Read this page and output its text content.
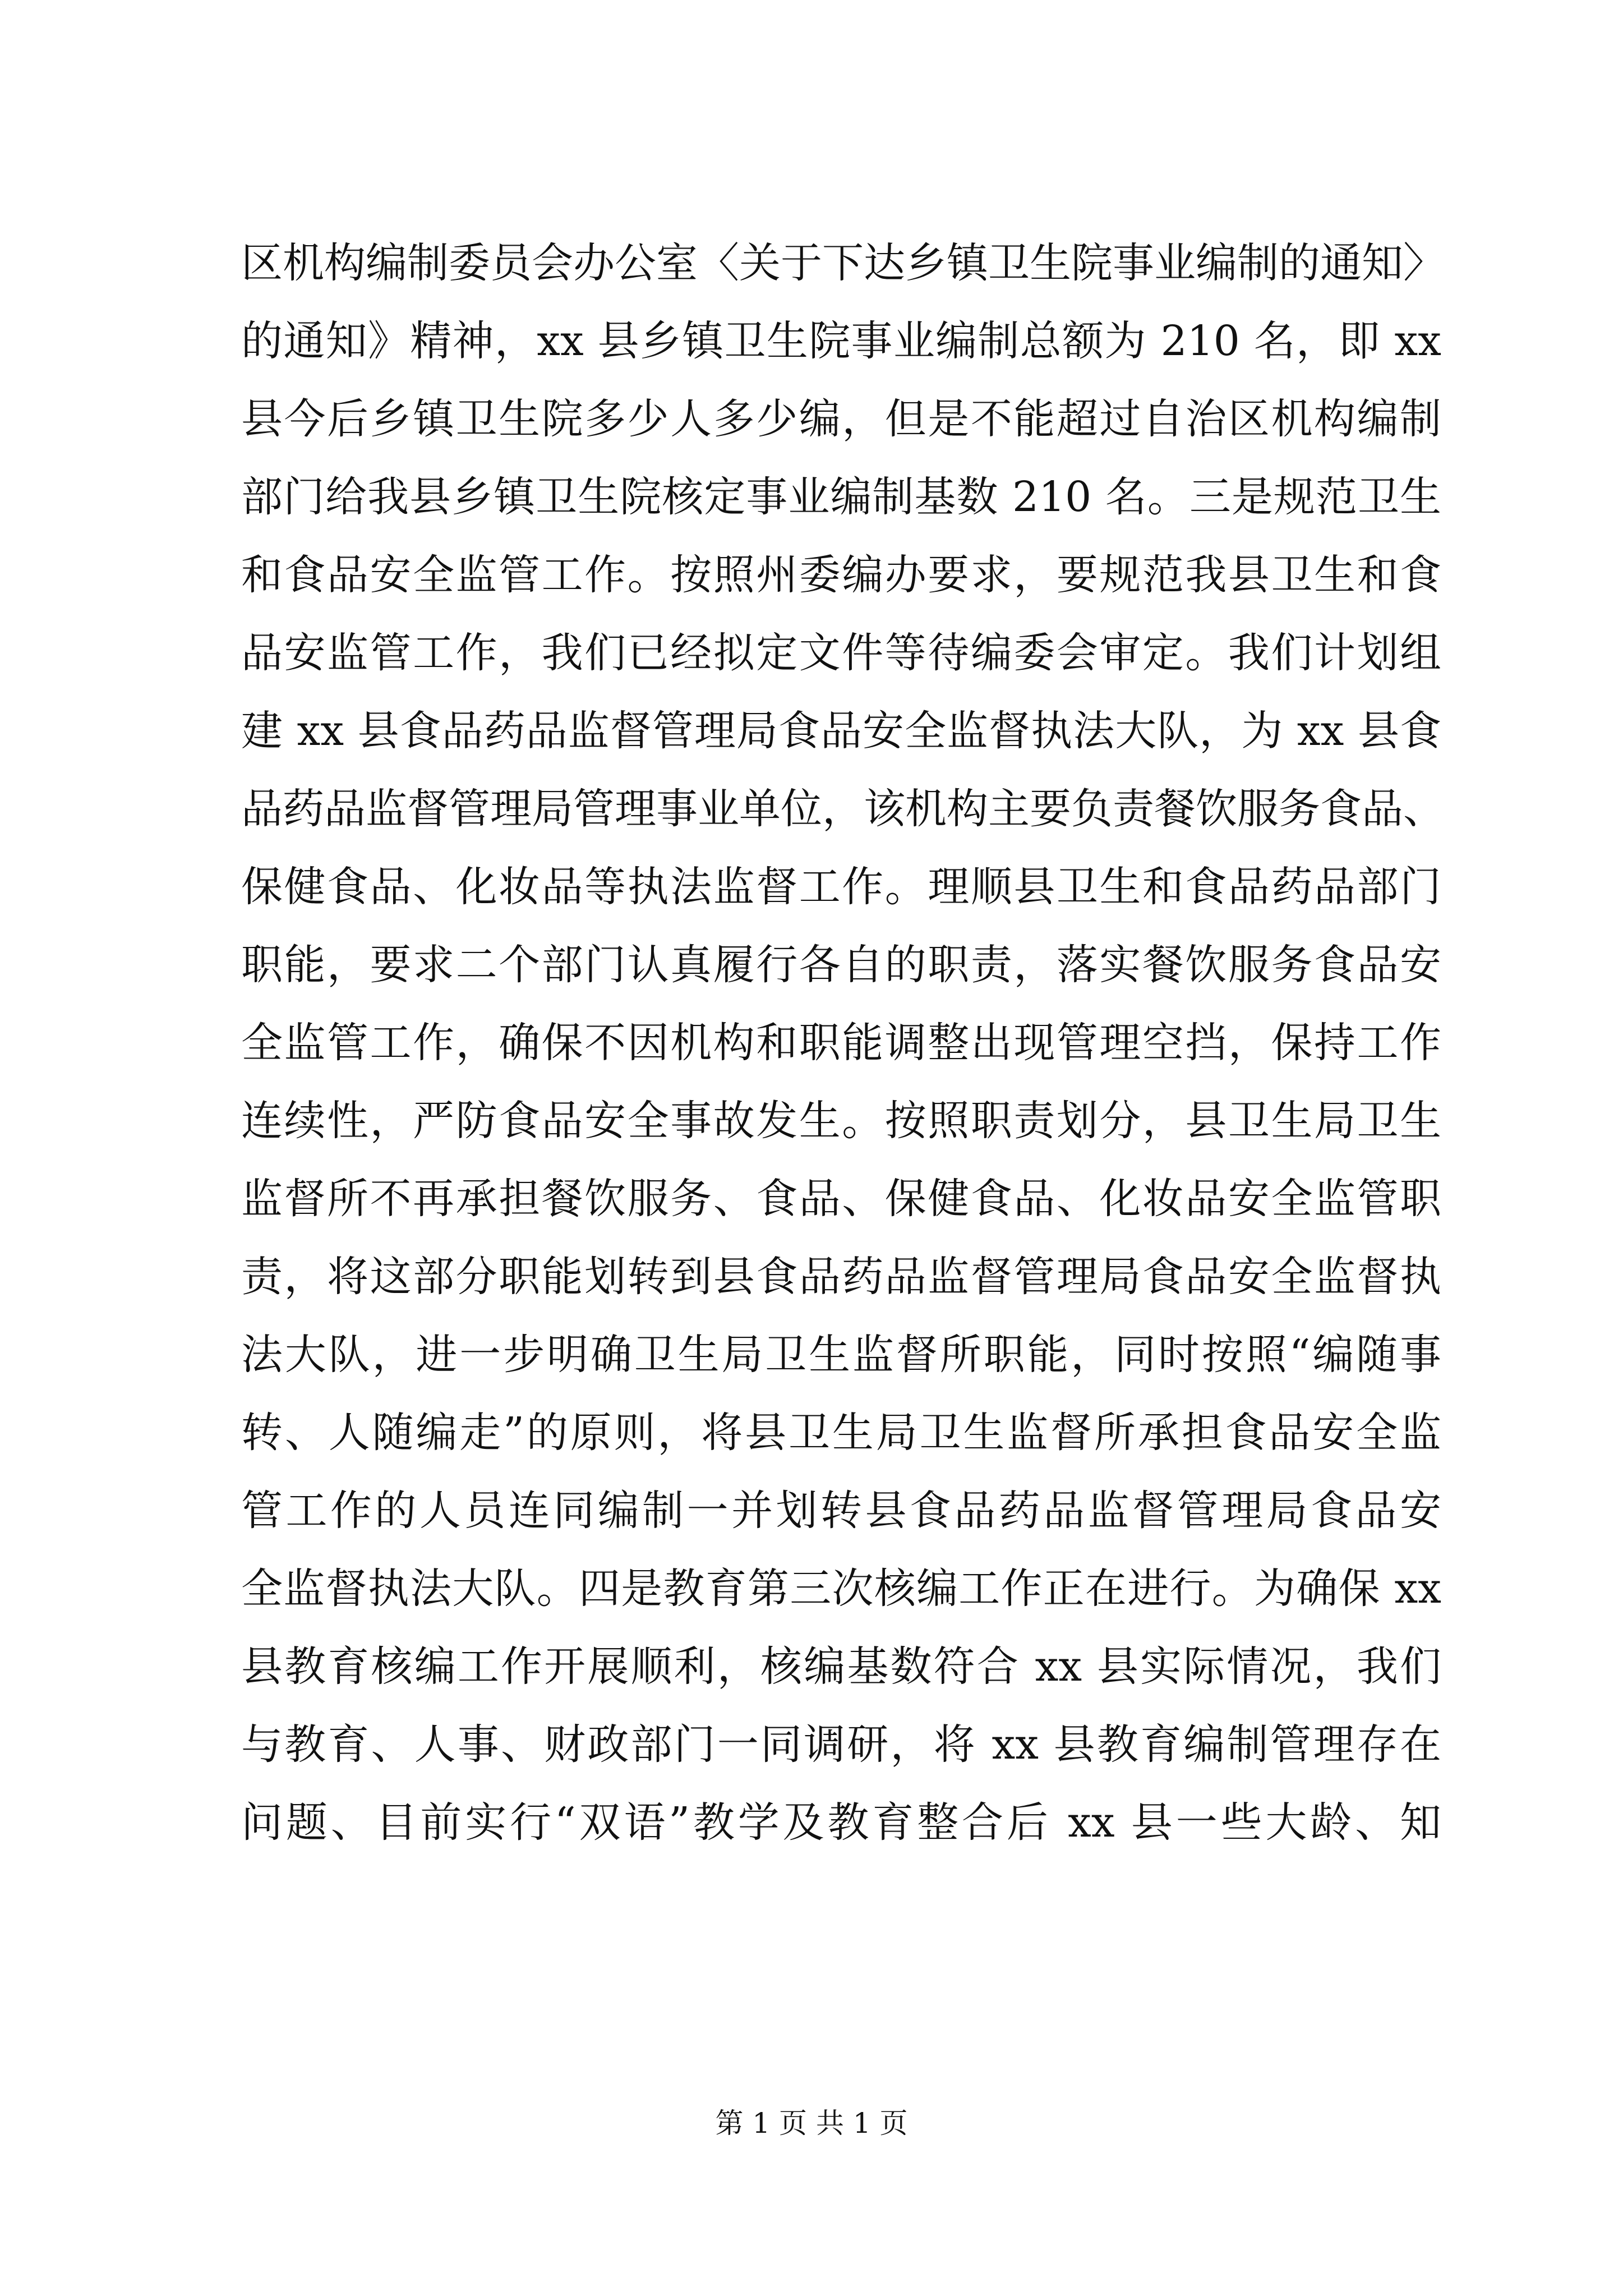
区机构编制委员会办公室〈关于下达乡镇卫生院事业编制的通知〉
的通知》精神，xx 县乡镇卫生院事业编制总额为 210 名，即 xx
县今后乡镇卫生院多少人多少编，但是不能超过自治区机构编制
部门给我县乡镇卫生院核定事业编制基数 210 名。三是规范卫生
和食品安全监管工作。按照州委编办要求，要规范我县卫生和食
品安监管工作，我们已经拟定文件等待编委会审定。我们计划组
建 xx 县食品药品监督管理局食品安全监督执法大队，为 xx 县食
品药品监督管理局管理事业单位，该机构主要负责餐饮服务食品、
保健食品、化妆品等执法监督工作。理顺县卫生和食品药品部门
职能，要求二个部门认真履行各自的职责，落实餐饮服务食品安
全监管工作，确保不因机构和职能调整出现管理空挡，保持工作
连续性，严防食品安全事故发生。按照职责划分，县卫生局卫生
监督所不再承担餐饮服务、食品、保健食品、化妆品安全监管职
责，将这部分职能划转到县食品药品监督管理局食品安全监督执
法大队，进一步明确卫生局卫生监督所职能，同时按照“编随事
转、人随编走”的原则，将县卫生局卫生监督所承担食品安全监
管工作的人员连同编制一并划转县食品药品监督管理局食品安
全监督执法大队。四是教育第三次核编工作正在进行。为确保 xx
县教育核编工作开展顺利，核编基数符合 xx 县实际情况，我们
与教育、人事、财政部门一同调研，将 xx 县教育编制管理存在
问题、目前实行“双语”教学及教育整合后 xx 县一些大龄、知
第 1 页 共 1 页
